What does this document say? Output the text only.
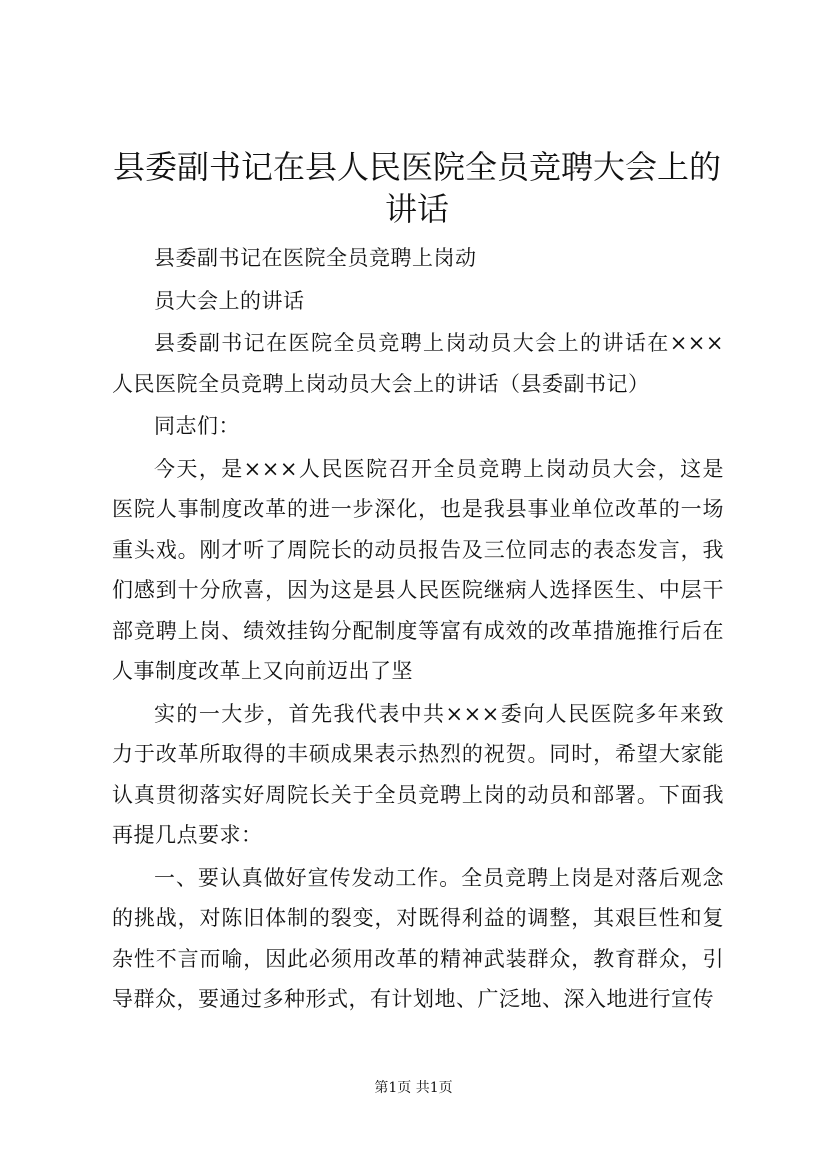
县委副书记在县人民医院全员竞聘大会上的讲话

县委副书记在医院全员竞聘上岗动

员大会上的讲话

县委副书记在医院全员竞聘上岗动员大会上的讲话在×××人民医院全员竞聘上岗动员大会上的讲话（县委副书记）

同志们：

今天，是×××人民医院召开全员竞聘上岗动员大会，这是医院人事制度改革的进一步深化，也是我县事业单位改革的一场重头戏。刚才听了周院长的动员报告及三位同志的表态发言，我们感到十分欣喜，因为这是县人民医院继病人选择医生、中层干部竞聘上岗、绩效挂钩分配制度等富有成效的改革措施推行后在人事制度改革上又向前迈出了坚

实的一大步，首先我代表中共×××委向人民医院多年来致力于改革所取得的丰硕成果表示热烈的祝贺。同时，希望大家能认真贯彻落实好周院长关于全员竞聘上岗的动员和部署。下面我再提几点要求：

一、要认真做好宣传发动工作。全员竞聘上岗是对落后观念的挑战，对陈旧体制的裂变，对既得利益的调整，其艰巨性和复杂性不言而喻，因此必须用改革的精神武装群众，教育群众，引导群众，要通过多种形式，有计划地、广泛地、深入地进行宣传

第1页 共1页
